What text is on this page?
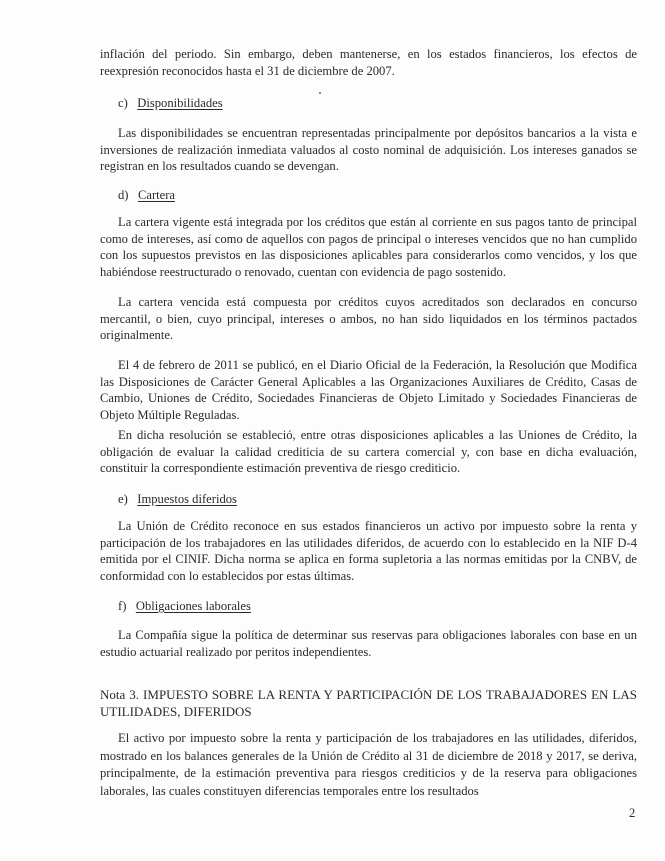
inflación del periodo. Sin embargo, deben mantenerse, en los estados financieros, los efectos de reexpresión reconocidos hasta el 31 de diciembre de 2007.

c) Disponibilidades

Las disponibilidades se encuentran representadas principalmente por depósitos bancarios a la vista e inversiones de realización inmediata valuados al costo nominal de adquisición. Los intereses ganados se registran en los resultados cuando se devengan.

d) Cartera

La cartera vigente está integrada por los créditos que están al corriente en sus pagos tanto de principal como de intereses, así como de aquellos con pagos de principal o intereses vencidos que no han cumplido con los supuestos previstos en las disposiciones aplicables para considerarlos como vencidos, y los que habiéndose reestructurado o renovado, cuentan con evidencia de pago sostenido.

La cartera vencida está compuesta por créditos cuyos acreditados son declarados en concurso mercantil, o bien, cuyo principal, intereses o ambos, no han sido liquidados en los términos pactados originalmente.

El 4 de febrero de 2011 se publicó, en el Diario Oficial de la Federación, la Resolución que Modifica las Disposiciones de Carácter General Aplicables a las Organizaciones Auxiliares de Crédito, Casas de Cambio, Uniones de Crédito, Sociedades Financieras de Objeto Limitado y Sociedades Financieras de Objeto Múltiple Reguladas.

En dicha resolución se estableció, entre otras disposiciones aplicables a las Uniones de Crédito, la obligación de evaluar la calidad crediticia de su cartera comercial y, con base en dicha evaluación, constituir la correspondiente estimación preventiva de riesgo crediticio.

e) Impuestos diferidos

La Unión de Crédito reconoce en sus estados financieros un activo por impuesto sobre la renta y participación de los trabajadores en las utilidades diferidos, de acuerdo con lo establecido en la NIF D-4 emitida por el CINIF. Dicha norma se aplica en forma supletoria a las normas emitidas por la CNBV, de conformidad con lo establecidos por estas últimas.

f) Obligaciones laborales

La Compañía sigue la política de determinar sus reservas para obligaciones laborales con base en un estudio actuarial realizado por peritos independientes.

Nota 3. IMPUESTO SOBRE LA RENTA Y PARTICIPACIÓN DE LOS TRABAJADORES EN LAS UTILIDADES, DIFERIDOS

El activo por impuesto sobre la renta y participación de los trabajadores en las utilidades, diferidos, mostrado en los balances generales de la Unión de Crédito al 31 de diciembre de 2018 y 2017, se deriva, principalmente, de la estimación preventiva para riesgos crediticios y de la reserva para obligaciones laborales, las cuales constituyen diferencias temporales entre los resultados

2
